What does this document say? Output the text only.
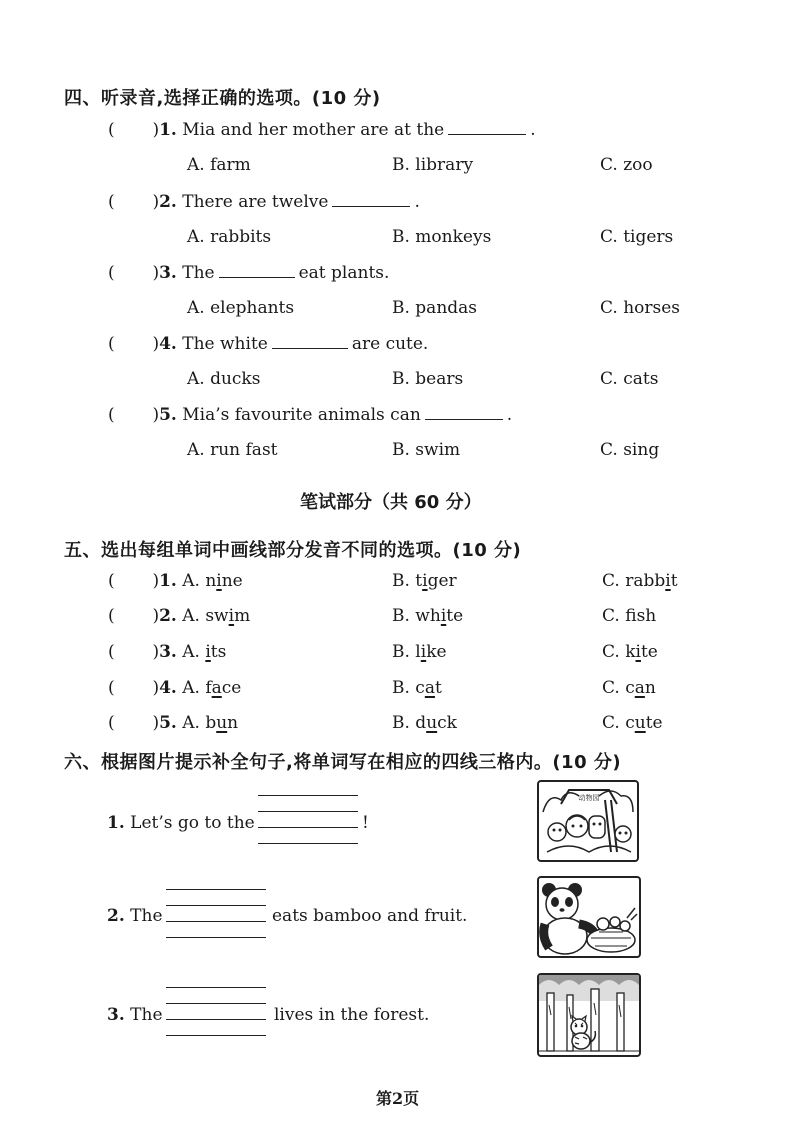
四、听录音,选择正确的选项。(10 分)
(       )1. Mia and her mother are at the	.
A. farm	B. library	C. zoo
(       )2. There are twelve	.
A. rabbits	B. monkeys	C. tigers
(       )3. The	eat plants.
A. elephants	B. pandas	C. horses
(       )4. The white	are cute.
A. ducks	B. bears	C. cats
(       )5. Mia’s favourite animals can	.
A. run fast	B. swim	C. sing
笔试部分（共 60 分）
五、选出每组单词中画线部分发音不同的选项。(10 分)
(       )1. A. nine	B. tiger	C. rabbit
(       )2. A. swim	B. white	C. fsh
(       )3. A. its	B. like	C. kite
(       )4. A. face	B. cat	C. can
(       )5. A. bun	B. duck	C. cute
六、根据图片提示补全句子,将单词写在相应的四线三格内。(10 分)
1. Let’s go to the	!
2. The	eats bamboo and fruit.
3. The	lives in the forest.
动物园
第2页
